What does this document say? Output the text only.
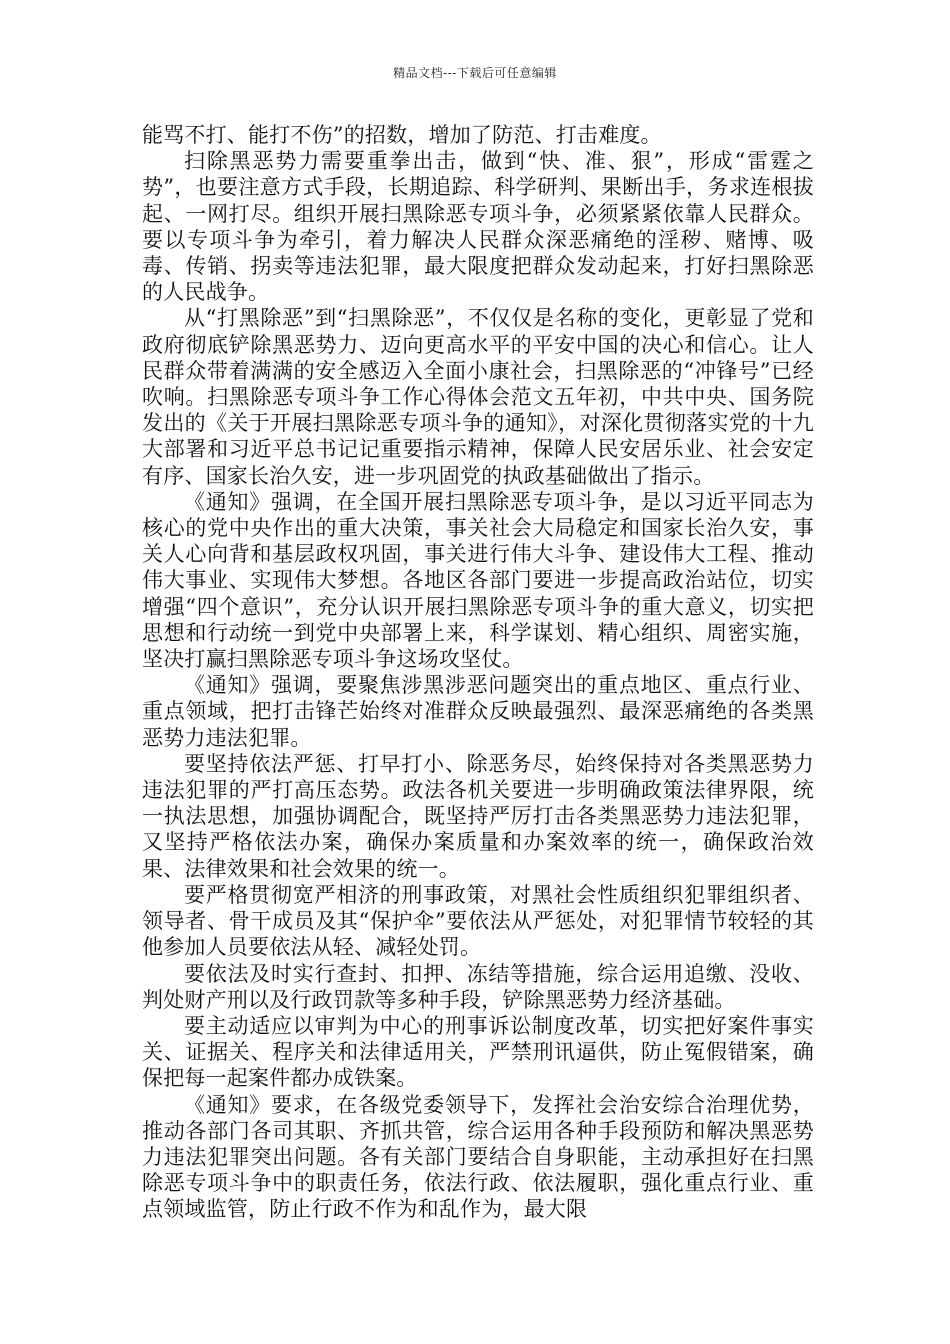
精品文档---下载后可任意编辑

能骂不打、能打不伤”的招数，增加了防范、打击难度。

扫除黑恶势力需要重拳出击，做到“快、准、狠”，形成“雷霆之势”，也要注意方式手段，长期追踪、科学研判、果断出手，务求连根拔起、一网打尽。组织开展扫黑除恶专项斗争，必须紧紧依靠人民群众。要以专项斗争为牵引，着力解决人民群众深恶痛绝的淫秽、赌博、吸毒、传销、拐卖等违法犯罪，最大限度把群众发动起来，打好扫黑除恶的人民战争。

从“打黑除恶”到“扫黑除恶”，不仅仅是名称的变化，更彰显了党和政府彻底铲除黑恶势力、迈向更高水平的平安中国的决心和信心。让人民群众带着满满的安全感迈入全面小康社会，扫黑除恶的“冲锋号”已经吹响。扫黑除恶专项斗争工作心得体会范文五年初，中共中央、国务院发出的《关于开展扫黑除恶专项斗争的通知》，对深化贯彻落实党的十九大部署和习近平总书记记重要指示精神，保障人民安居乐业、社会安定有序、国家长治久安，进一步巩固党的执政基础做出了指示。

《通知》强调，在全国开展扫黑除恶专项斗争，是以习近平同志为核心的党中央作出的重大决策，事关社会大局稳定和国家长治久安，事关人心向背和基层政权巩固，事关进行伟大斗争、建设伟大工程、推动伟大事业、实现伟大梦想。各地区各部门要进一步提高政治站位，切实增强“四个意识”，充分认识开展扫黑除恶专项斗争的重大意义，切实把思想和行动统一到党中央部署上来，科学谋划、精心组织、周密实施，坚决打赢扫黑除恶专项斗争这场攻坚仗。

《通知》强调，要聚焦涉黑涉恶问题突出的重点地区、重点行业、重点领域，把打击锋芒始终对准群众反映最强烈、最深恶痛绝的各类黑恶势力违法犯罪。

要坚持依法严惩、打早打小、除恶务尽，始终保持对各类黑恶势力违法犯罪的严打高压态势。政法各机关要进一步明确政策法律界限，统一执法思想，加强协调配合，既坚持严厉打击各类黑恶势力违法犯罪，又坚持严格依法办案，确保办案质量和办案效率的统一，确保政治效果、法律效果和社会效果的统一。

要严格贯彻宽严相济的刑事政策，对黑社会性质组织犯罪组织者、领导者、骨干成员及其“保护伞”要依法从严惩处，对犯罪情节较轻的其他参加人员要依法从轻、减轻处罚。

要依法及时实行查封、扣押、冻结等措施，综合运用追缴、没收、判处财产刑以及行政罚款等多种手段，铲除黑恶势力经济基础。

要主动适应以审判为中心的刑事诉讼制度改革，切实把好案件事实关、证据关、程序关和法律适用关，严禁刑讯逼供，防止冤假错案，确保把每一起案件都办成铁案。

《通知》要求，在各级党委领导下，发挥社会治安综合治理优势，推动各部门各司其职、齐抓共管，综合运用各种手段预防和解决黑恶势力违法犯罪突出问题。各有关部门要结合自身职能，主动承担好在扫黑除恶专项斗争中的职责任务，依法行政、依法履职，强化重点行业、重点领域监管，防止行政不作为和乱作为，最大限
